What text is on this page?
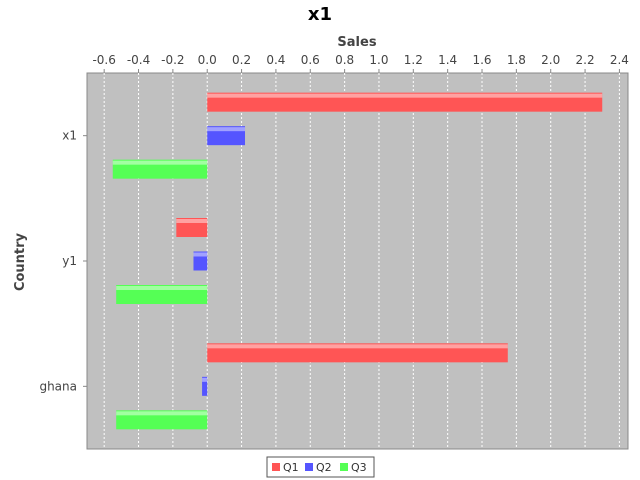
x1
Sales
Country
-0.6 -0.4 -0.2 0.0 0.2 0.4 0.6 0.8 1.0 1.2 1.4 1.6 1.8 2.0 2.2 2.4
x1
y1
ghana
Q1 Q2 Q3
